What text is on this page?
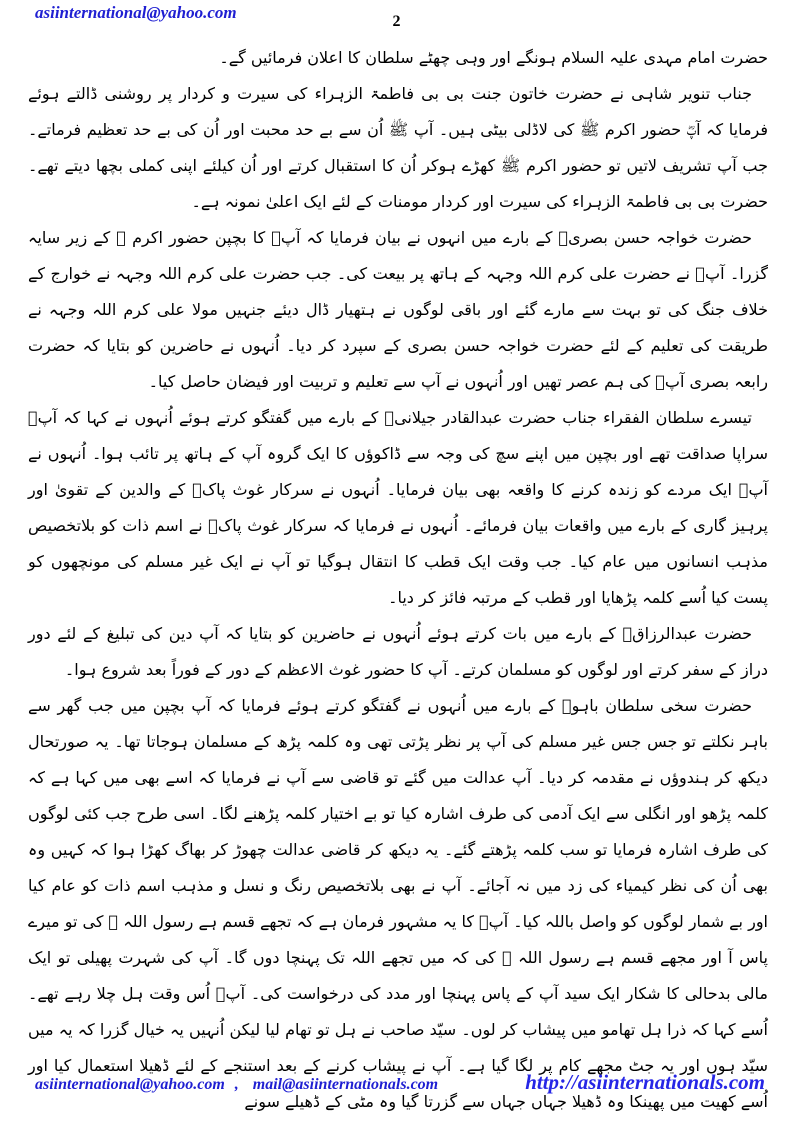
asiinternational@yahoo.com	2

حضرت امام مہدی علیہ السلام ہونگے اور وہی چھٹے سلطان کا اعلان فرمائیں گے۔

جناب تنویر شاہی نے حضرت خاتون جنت بی بی فاطمۃ الزہراء کی سیرت و کردار پر روشنی ڈالتے ہوئے فرمایا کہ آپؓ حضور اکرم ﷺ کی لاڈلی بیٹی ہیں۔ آپ ﷺ اُن سے بے حد محبت اور اُن کی بے حد تعظیم فرماتے۔ جب آپ تشریف لاتیں تو حضور اکرم ﷺ کھڑے ہوکر اُن کا استقبال کرتے اور اُن کیلئے اپنی کملی بچھا دیتے تھے۔ حضرت بی بی فاطمۃ الزہراء کی سیرت اور کردار مومنات کے لئے ایک اعلیٰ نمونہ ہے۔

حضرت خواجہ حسن بصریؒ کے بارے میں انہوں نے بیان فرمایا کہ آپؓ کا بچپن حضور اکرم ﷺ کے زیر سایہ گزرا۔ آپؓ نے حضرت علی کرم اللہ وجہہ کے ہاتھ پر بیعت کی۔ جب حضرت علی کرم اللہ وجہہ نے خوارج کے خلاف جنگ کی تو بہت سے مارے گئے اور باقی لوگوں نے ہتھیار ڈال دیئے جنہیں مولا علی کرم اللہ وجہہ نے طریقت کی تعلیم کے لئے حضرت خواجہ حسن بصری کے سپرد کر دیا۔ اُنہوں نے حاضرین کو بتایا کہ حضرت رابعہ بصری آپؒ کی ہم عصر تھیں اور اُنہوں نے آپ سے تعلیم و تربیت اور فیضان حاصل کیا۔

تیسرے سلطان الفقراء جناب حضرت عبدالقادر جیلانیؒ کے بارے میں گفتگو کرتے ہوئے اُنہوں نے کہا کہ آپؒ سراپا صداقت تھے اور بچپن میں اپنے سچ کی وجہ سے ڈاکوؤں کا ایک گروہ آپ کے ہاتھ پر تائب ہوا۔ اُنہوں نے آپؒ ایک مردے کو زندہ کرنے کا واقعہ بھی بیان فرمایا۔ اُنہوں نے سرکار غوث پاکؒ کے والدین کے تقویٰ اور پرہیز گاری کے بارے میں واقعات بیان فرمائے۔ اُنہوں نے فرمایا کہ سرکار غوث پاکؒ نے اسم ذات کو بلاتخصیص مذہب انسانوں میں عام کیا۔ جب وقت ایک قطب کا انتقال ہوگیا تو آپ نے ایک غیر مسلم کی مونچھوں کو پست کیا اُسے کلمہ پڑھایا اور قطب کے مرتبہ فائز کر دیا۔

حضرت عبدالرزاقؓ کے بارے میں بات کرتے ہوئے اُنہوں نے حاضرین کو بتایا کہ آپ دین کی تبلیغ کے لئے دور دراز کے سفر کرتے اور لوگوں کو مسلمان کرتے۔ آپ کا حضور غوث الاعظم کے دور کے فوراً بعد شروع ہوا۔

حضرت سخی سلطان باہوؒ کے بارے میں اُنہوں نے گفتگو کرتے ہوئے فرمایا کہ آپ بچپن میں جب گھر سے باہر نکلتے تو جس جس غیر مسلم کی آپ پر نظر پڑتی تھی وہ کلمہ پڑھ کے مسلمان ہوجاتا تھا۔ یہ صورتحال دیکھ کر ہندوؤں نے مقدمہ کر دیا۔ آپ عدالت میں گئے تو قاضی سے آپ نے فرمایا کہ اسے بھی میں کہا ہے کہ کلمہ پڑھو اور انگلی سے ایک آدمی کی طرف اشارہ کیا تو بے اختیار کلمہ پڑھنے لگا۔ اسی طرح جب کئی لوگوں کی طرف اشارہ فرمایا تو سب کلمہ پڑھتے گئے۔ یہ دیکھ کر قاضی عدالت چھوڑ کر بھاگ کھڑا ہوا کہ کہیں وہ بھی اُن کی نظر کیمیاء کی زد میں نہ آجائے۔ آپ نے بھی بلاتخصیص رنگ و نسل و مذہب اسم ذات کو عام کیا اور بے شمار لوگوں کو واصل باللہ کیا۔ آپؒ کا یہ مشہور فرمان ہے کہ تجھے قسم ہے رسول اللہ ﷺ کی تو میرے پاس آ اور مجھے قسم ہے رسول اللہ ﷺ کی کہ میں تجھے اللہ تک پہنچا دوں گا۔ آپ کی شہرت پھیلی تو ایک مالی بدحالی کا شکار ایک سید آپ کے پاس پہنچا اور مدد کی درخواست کی۔ آپؒ اُس وقت ہل چلا رہے تھے۔ اُسے کہا کہ ذرا ہل تھامو میں پیشاب کر لوں۔ سیّد صاحب نے ہل تو تھام لیا لیکن اُنہیں یہ خیال گزرا کہ یہ میں سیّد ہوں اور یہ جٹ مجھے کام پر لگا گیا ہے۔ آپ نے پیشاب کرنے کے بعد استنجے کے لئے ڈھیلا استعمال کیا اور اُسے کھیت میں پھینکا وہ ڈھیلا جہاں جہاں سے گزرتا گیا وہ مٹی کے ڈھیلے سونے

asiinternational@yahoo.com , mail@asiinternationals.com	http://asiinternationals.com
